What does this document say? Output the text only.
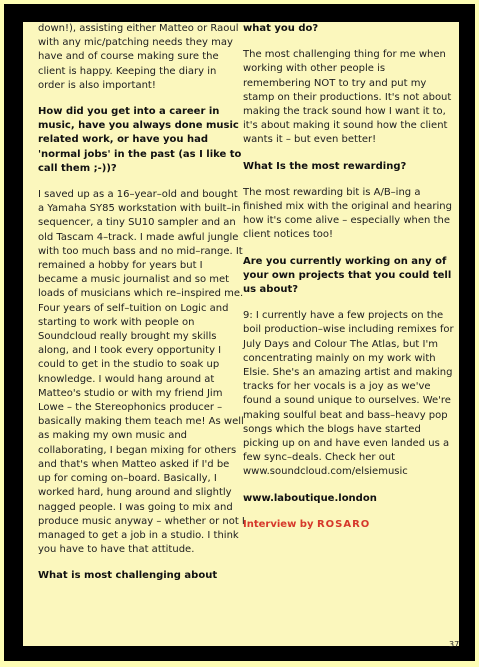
down!), assisting either Matteo or Raoul with any mic/patching needs they may have and of course making sure the client is happy. Keeping the diary in order is also important!

How did you get into a career in music, have you always done music related work, or have you had 'normal jobs' in the past (as I like to call them ;-))?

I saved up as a 16–year–old and bought a Yamaha SY85 workstation with built–in sequencer, a tiny SU10 sampler and an old Tascam 4–track. I made awful jungle with too much bass and no mid–range. It remained a hobby for years but I became a music journalist and so met loads of musicians which re–inspired me. Four years of self–tuition on Logic and starting to work with people on Soundcloud really brought my skills along, and I took every opportunity I could to get in the studio to soak up knowledge. I would hang around at Matteo's studio or with my friend Jim Lowe – the Stereophonics producer – basically making them teach me! As well as making my own music and collaborating, I began mixing for others and that's when Matteo asked if I'd be up for coming on–board. Basically, I worked hard, hung around and slightly nagged people. I was going to mix and produce music anyway – whether or not I managed to get a job in a studio. I think you have to have that attitude.

What is most challenging about

what you do?

The most challenging thing for me when working with other people is remembering NOT to try and put my stamp on their productions. It's not about making the track sound how I want it to, it's about making it sound how the client wants it – but even better!

What Is the most rewarding?

The most rewarding bit is A/B–ing a finished mix with the original and hearing how it's come alive – especially when the client notices too!

Are you currently working on any of your own projects that you could tell us about?

9: I currently have a few projects on the boil production–wise including remixes for July Days and Colour The Atlas, but I'm concentrating mainly on my work with Elsie. She's an amazing artist and making tracks for her vocals is a joy as we've found a sound unique to ourselves. We're making soulful beat and bass–heavy pop songs which the blogs have started picking up on and have even landed us a few sync–deals. Check her out www.soundcloud.com/elsiemusic

www.laboutique.london

Interview by ROSARO

37
